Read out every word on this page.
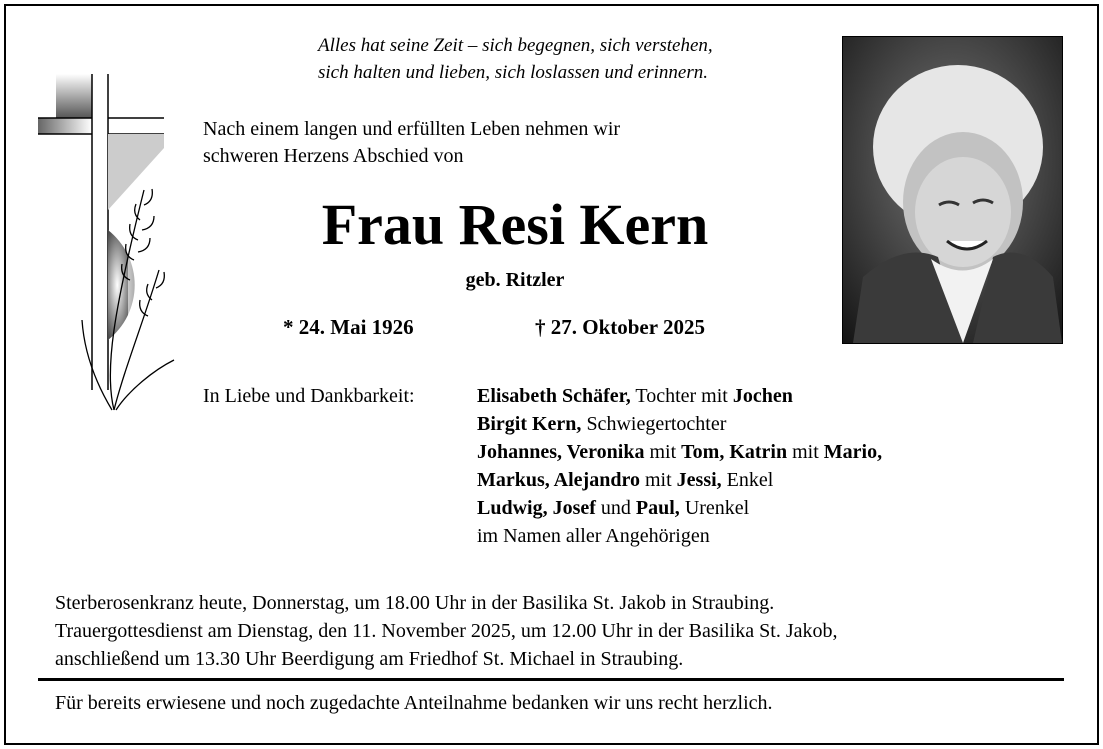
Alles hat seine Zeit – sich begegnen, sich verstehen,
sich halten und lieben, sich loslassen und erinnern.
Nach einem langen und erfüllten Leben nehmen wir
schweren Herzens Abschied von
Frau Resi Kern
geb. Ritzler
* 24. Mai 1926	† 27. Oktober 2025
In Liebe und Dankbarkeit:	Elisabeth Schäfer, Tochter mit Jochen
Birgit Kern, Schwiegertochter
Johannes, Veronika mit Tom, Katrin mit Mario,
Markus, Alejandro mit Jessi, Enkel
Ludwig, Josef und Paul, Urenkel
im Namen aller Angehörigen
Sterberosenkranz heute, Donnerstag, um 18.00 Uhr in der Basilika St. Jakob in Straubing.
Trauergottesdienst am Dienstag, den 11. November 2025, um 12.00 Uhr in der Basilika St. Jakob,
anschließend um 13.30 Uhr Beerdigung am Friedhof St. Michael in Straubing.
Für bereits erwiesene und noch zugedachte Anteilnahme bedanken wir uns recht herzlich.
